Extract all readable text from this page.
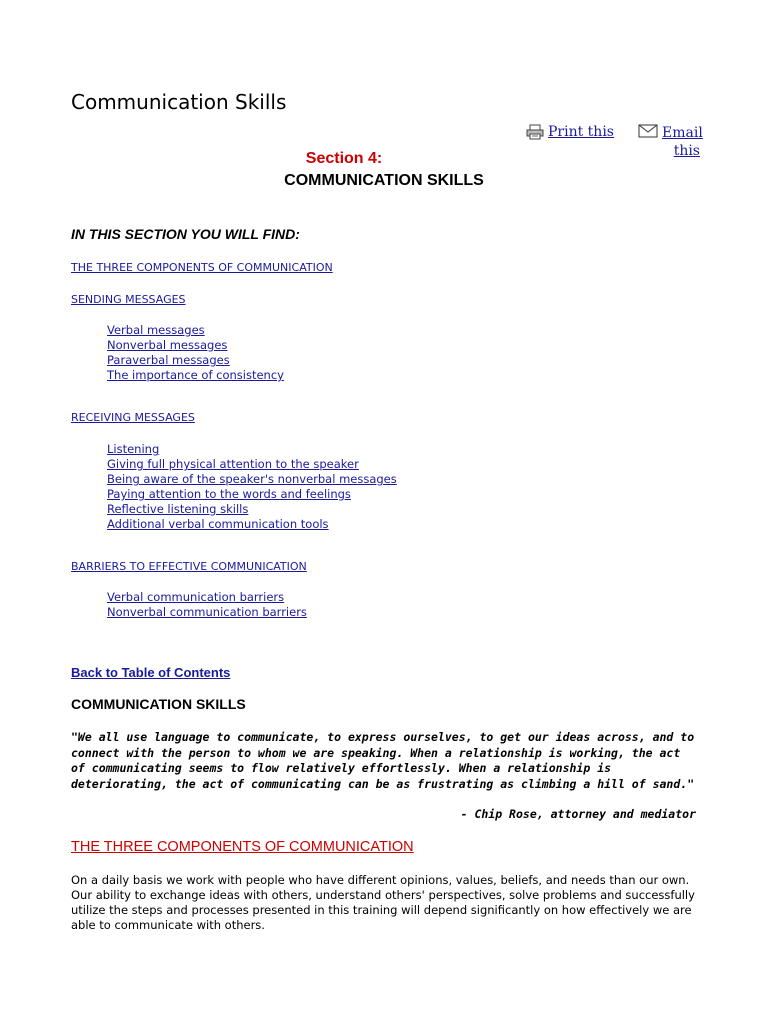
Communication Skills
Print this	Email
this
Section 4:
COMMUNICATION SKILLS
IN THIS SECTION YOU WILL FIND:
THE THREE COMPONENTS OF COMMUNICATION
SENDING MESSAGES
Verbal messages
Nonverbal messages
Paraverbal messages
The importance of consistency
RECEIVING MESSAGES
Listening
Giving full physical attention to the speaker
Being aware of the speaker's nonverbal messages
Paying attention to the words and feelings
Reflective listening skills
Additional verbal communication tools
BARRIERS TO EFFECTIVE COMMUNICATION
Verbal communication barriers
Nonverbal communication barriers
Back to Table of Contents
COMMUNICATION SKILLS

"We all use language to communicate, to express ourselves, to get our ideas across, and to connect with the person to whom we are speaking. When a relationship is working, the act of communicating seems to flow relatively effortlessly. When a relationship is deteriorating, the act of communicating can be as frustrating as climbing a hill of sand."

- Chip Rose, attorney and mediator

THE THREE COMPONENTS OF COMMUNICATION

On a daily basis we work with people who have different opinions, values, beliefs, and needs than our own. Our ability to exchange ideas with others, understand others' perspectives, solve problems and successfully utilize the steps and processes presented in this training will depend significantly on how effectively we are able to communicate with others.
